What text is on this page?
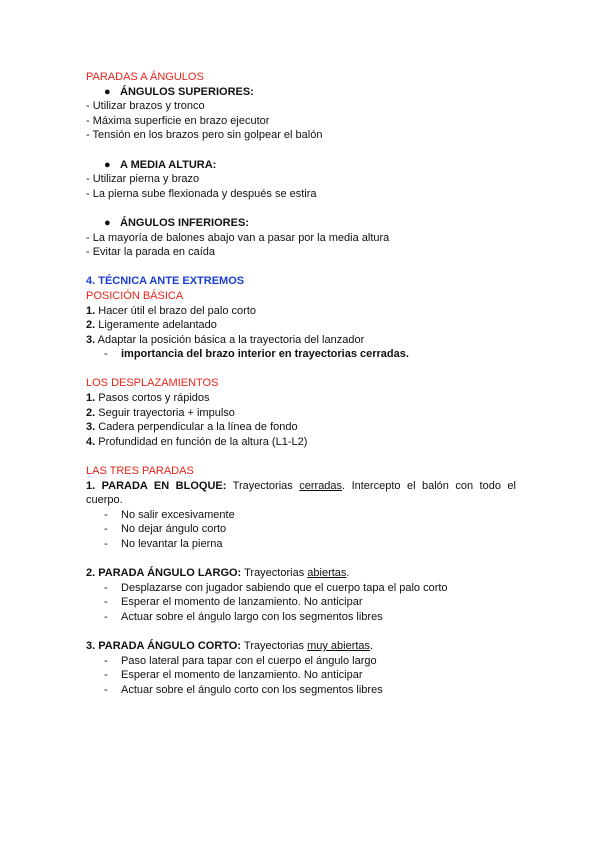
PARADAS A ÁNGULOS
● ÁNGULOS SUPERIORES:
- Utilizar brazos y tronco
- Máxima superficie en brazo ejecutor
- Tensión en los brazos pero sin golpear el balón
● A MEDIA ALTURA:
- Utilizar pierna y brazo
- La pierna sube flexionada y después se estira
● ÁNGULOS INFERIORES:
- La mayoría de balones abajo van a pasar por la media altura
- Evitar la parada en caída
4. TÉCNICA ANTE EXTREMOS
POSICIÓN BÁSICA
1. Hacer útil el brazo del palo corto
2. Ligeramente adelantado
3. Adaptar la posición básica a la trayectoria del lanzador
- importancia del brazo interior en trayectorias cerradas.
LOS DESPLAZAMIENTOS
1. Pasos cortos y rápidos
2. Seguir trayectoria + impulso
3. Cadera perpendicular a la línea de fondo
4. Profundidad en función de la altura (L1-L2)
LAS TRES PARADAS
1. PARADA EN BLOQUE: Trayectorias cerradas. Intercepto el balón con todo el
cuerpo.
- No salir excesivamente
- No dejar ángulo corto
- No levantar la pierna
2. PARADA ÁNGULO LARGO: Trayectorias abiertas.
- Desplazarse con jugador sabiendo que el cuerpo tapa el palo corto
- Esperar el momento de lanzamiento. No anticipar
- Actuar sobre el ángulo largo con los segmentos libres
3. PARADA ÁNGULO CORTO: Trayectorias muy abiertas.
- Paso lateral para tapar con el cuerpo el ángulo largo
- Esperar el momento de lanzamiento. No anticipar
- Actuar sobre el ángulo corto con los segmentos libres
